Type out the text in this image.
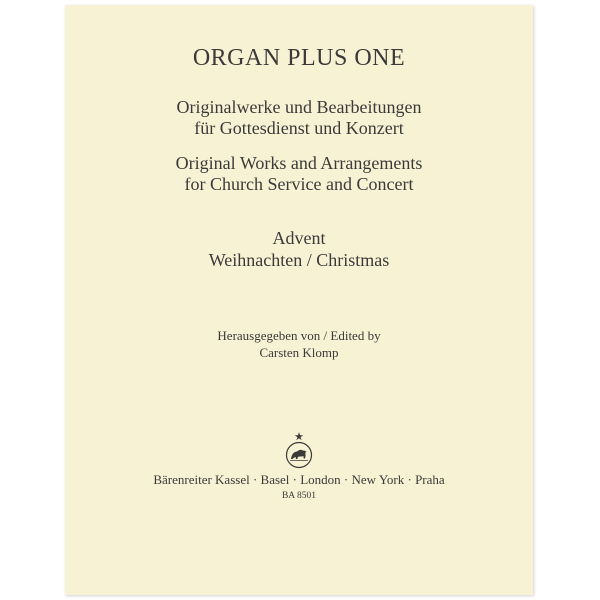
ORGAN PLUS ONE
Originalwerke und Bearbeitungen
für Gottesdienst und Konzert
Original Works and Arrangements
for Church Service and Concert
Advent
Weihnachten / Christmas
Herausgegeben von / Edited by
Carsten Klomp
Bärenreiter Kassel · Basel · London · New York · Praha
BA 8501
